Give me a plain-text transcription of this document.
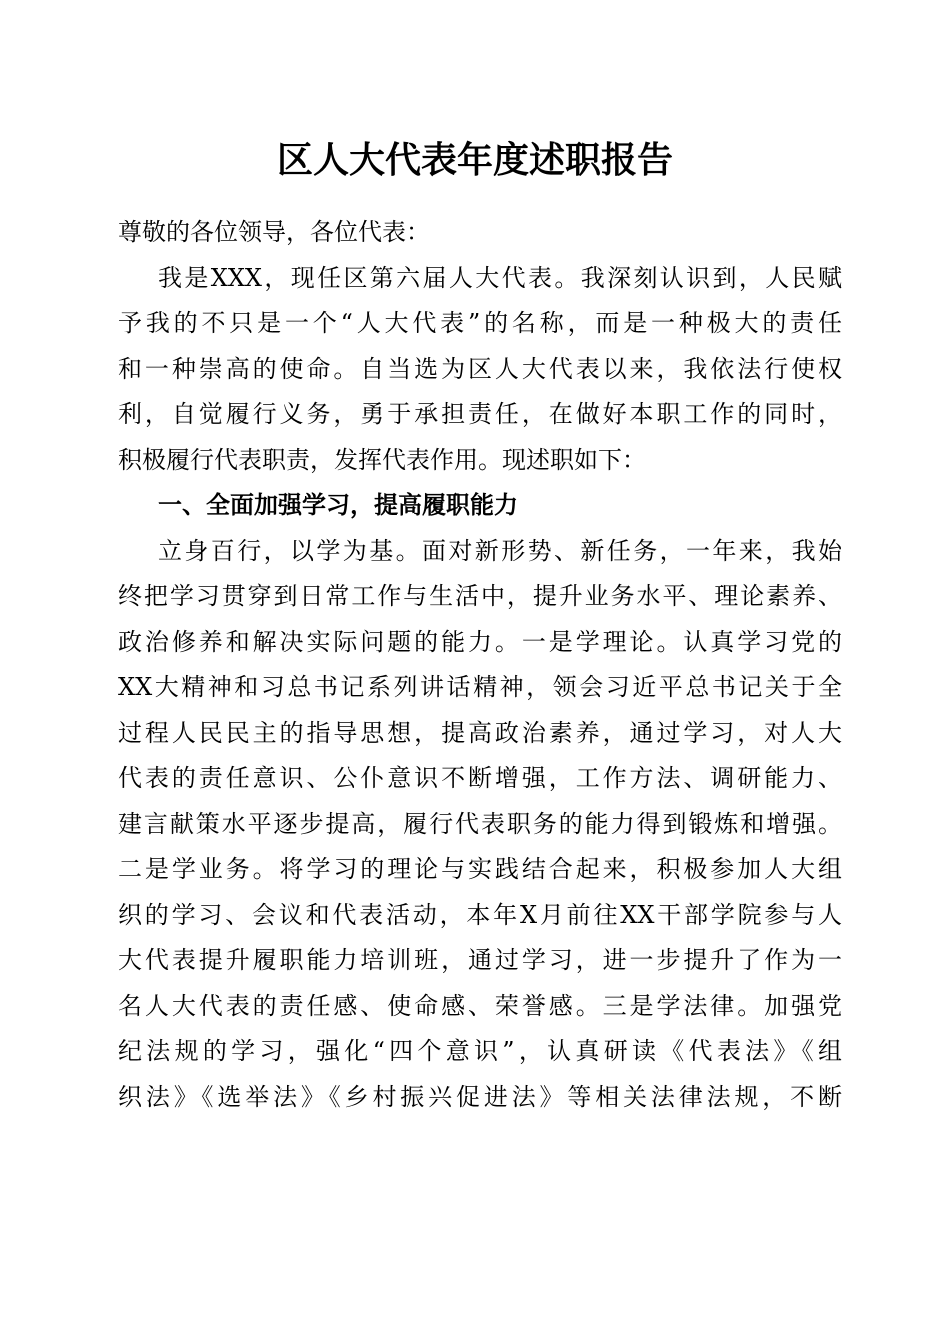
区人大代表年度述职报告
尊敬的各位领导，各位代表：
我是XXX，现任区第六届人大代表。我深刻认识到，人民赋
予我的不只是一个“人大代表”的名称，而是一种极大的责任
和一种崇高的使命。自当选为区人大代表以来，我依法行使权
利，自觉履行义务，勇于承担责任，在做好本职工作的同时，
积极履行代表职责，发挥代表作用。现述职如下：
一、全面加强学习，提高履职能力
立身百行，以学为基。面对新形势、新任务，一年来，我始
终把学习贯穿到日常工作与生活中，提升业务水平、理论素养、
政治修养和解决实际问题的能力。一是学理论。认真学习党的
XX大精神和习总书记系列讲话精神，领会习近平总书记关于全
过程人民民主的指导思想，提高政治素养，通过学习，对人大
代表的责任意识、公仆意识不断增强，工作方法、调研能力、
建言献策水平逐步提高，履行代表职务的能力得到锻炼和增强。
二是学业务。将学习的理论与实践结合起来，积极参加人大组
织的学习、会议和代表活动，本年X月前往XX干部学院参与人
大代表提升履职能力培训班，通过学习，进一步提升了作为一
名人大代表的责任感、使命感、荣誉感。三是学法律。加强党
纪法规的学习，强化“四个意识”，认真研读《代表法》《组
织法》《选举法》《乡村振兴促进法》等相关法律法规，不断
